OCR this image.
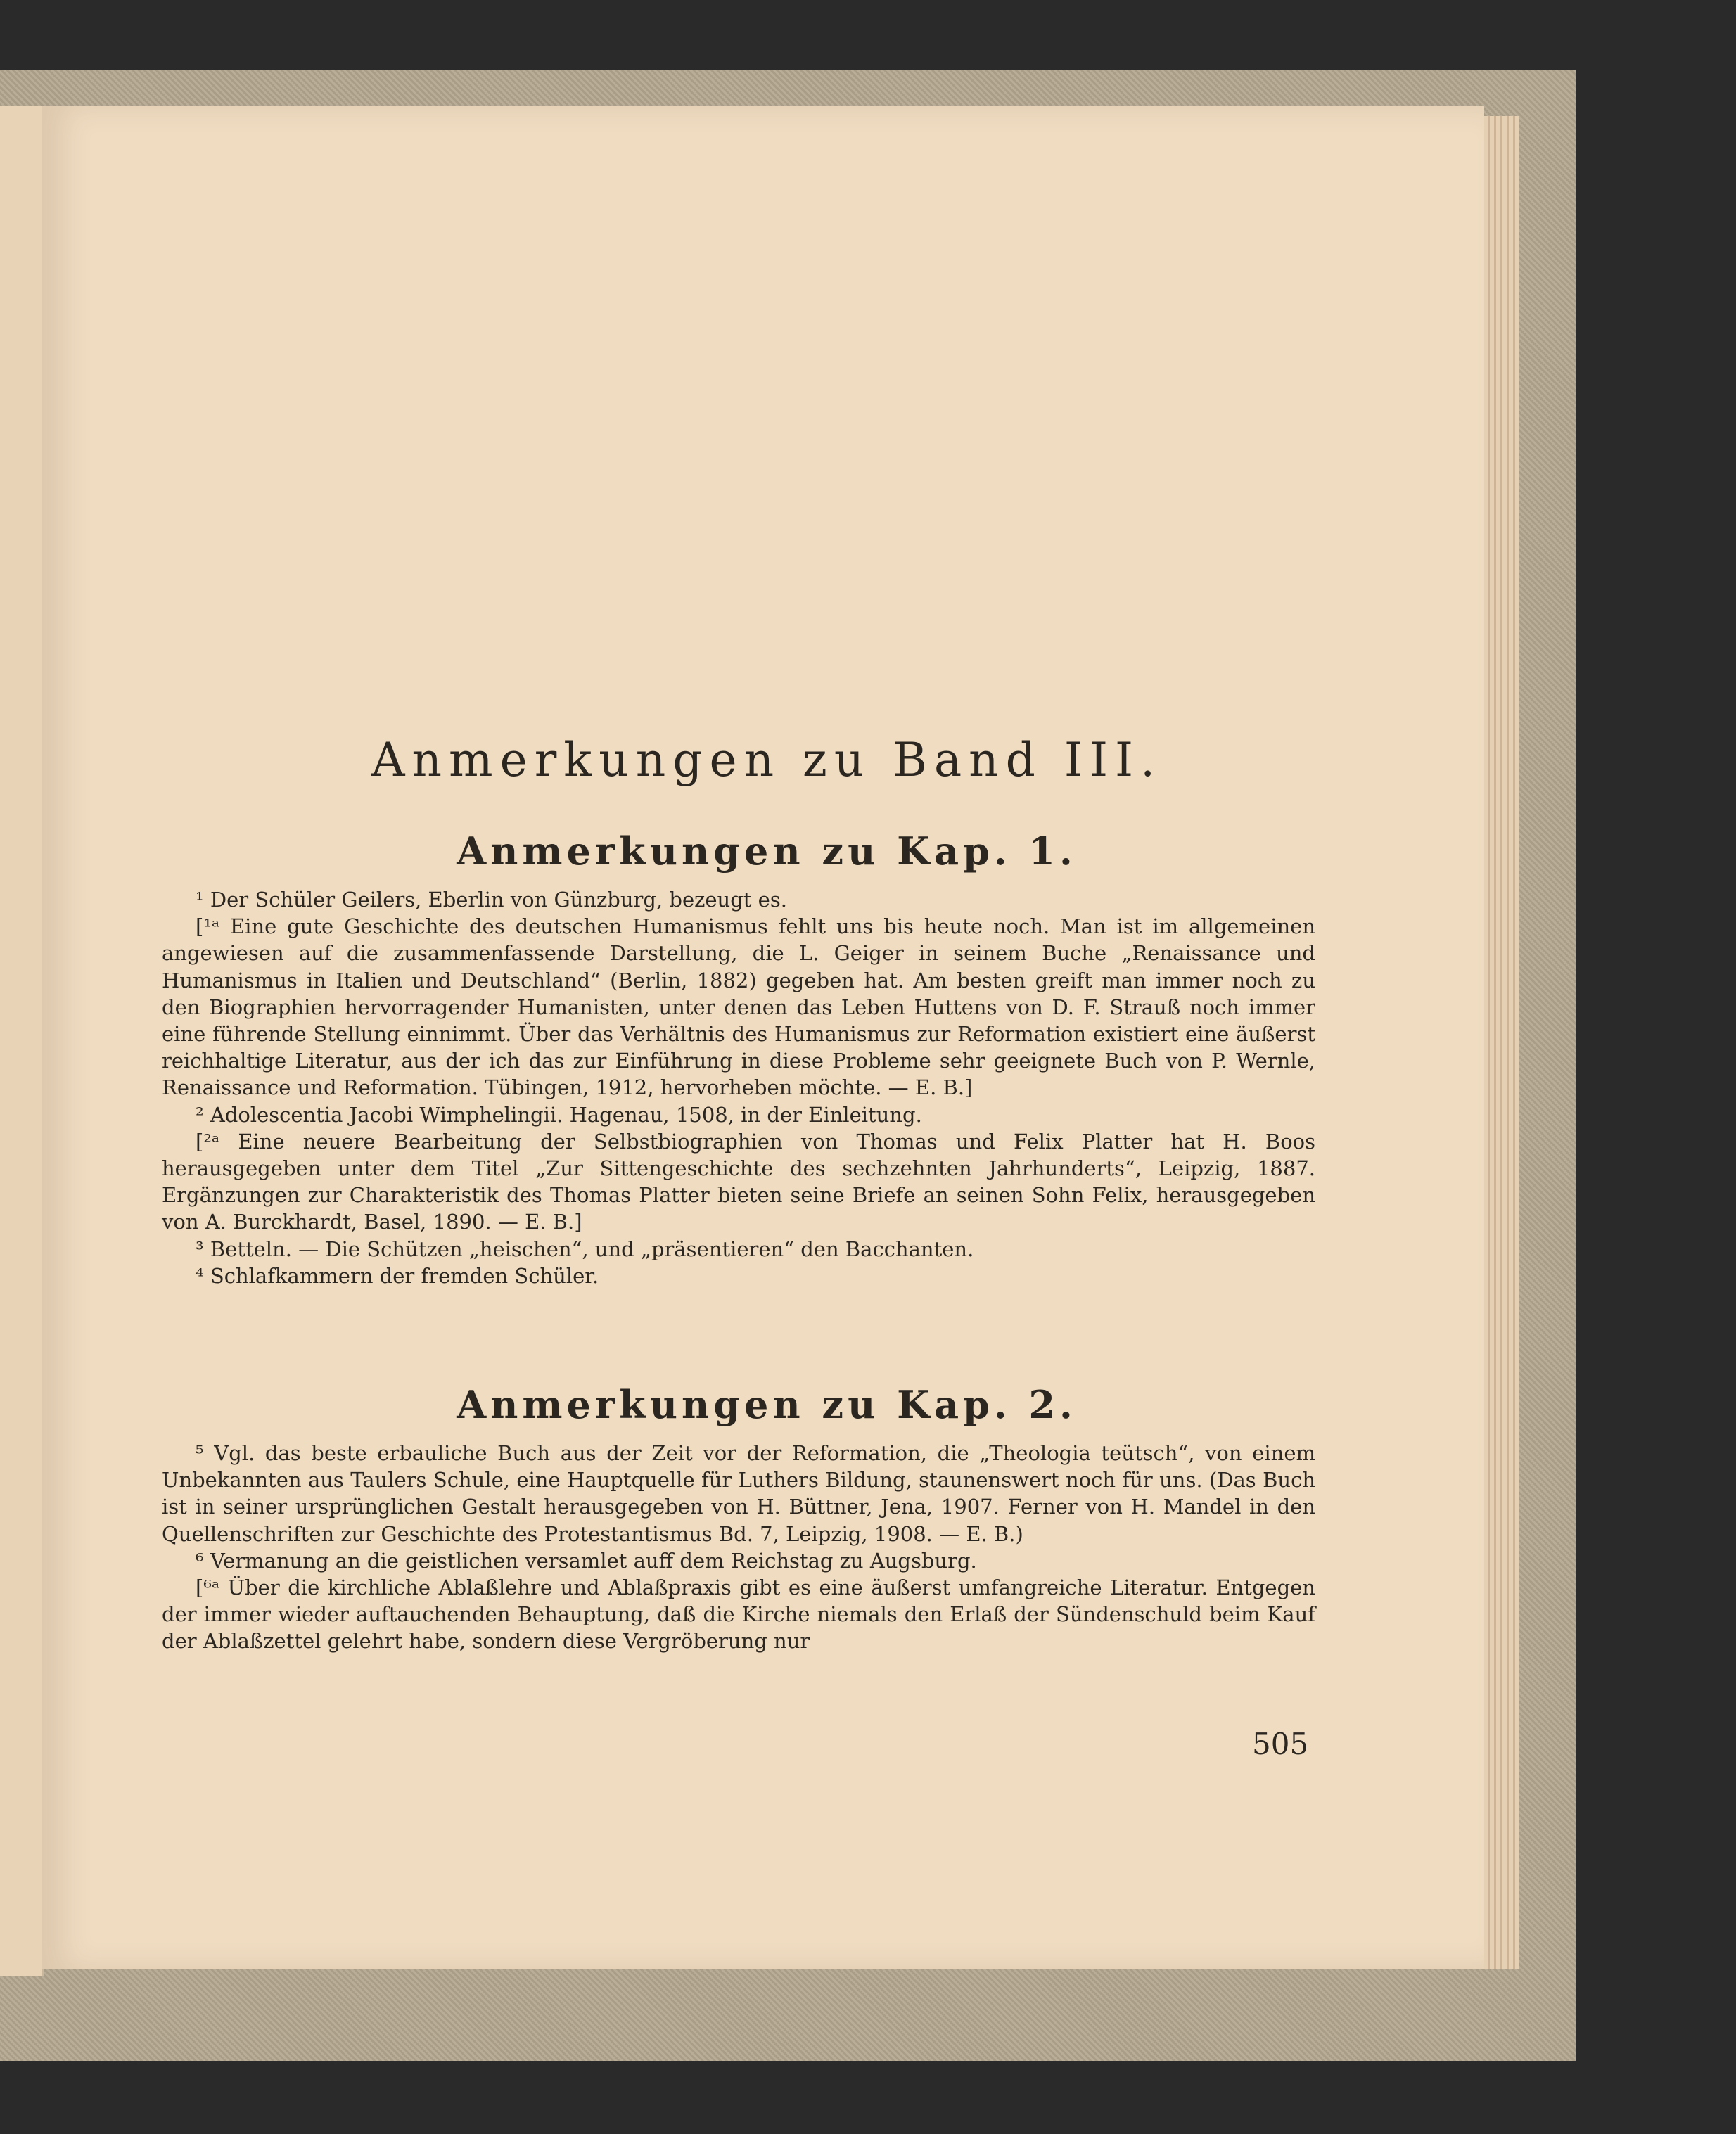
Anmerkungen zu Band III.
Anmerkungen zu Kap. 1.

¹ Der Schüler Geilers, Eberlin von Günzburg, bezeugt es.

[¹ᵃ Eine gute Geschichte des deutschen Humanismus fehlt uns bis heute noch. Man ist im allgemeinen angewiesen auf die zusammenfassende Darstellung, die L. Geiger in seinem Buche „Renaissance und Humanismus in Italien und Deutschland“ (Berlin, 1882) gegeben hat. Am besten greift man immer noch zu den Biographien hervorragender Humanisten, unter denen das Leben Huttens von D. F. Strauß noch immer eine führende Stellung einnimmt. Über das Verhältnis des Humanismus zur Reformation existiert eine äußerst reichhaltige Literatur, aus der ich das zur Einführung in diese Probleme sehr geeignete Buch von P. Wernle, Renaissance und Reformation. Tübingen, 1912, hervorheben möchte. — E. B.]

² Adolescentia Jacobi Wimphelingii. Hagenau, 1508, in der Einleitung.

[²ᵃ Eine neuere Bearbeitung der Selbstbiographien von Thomas und Felix Platter hat H. Boos herausgegeben unter dem Titel „Zur Sittengeschichte des sechzehnten Jahrhunderts“, Leipzig, 1887. Ergänzungen zur Charakteristik des Thomas Platter bieten seine Briefe an seinen Sohn Felix, herausgegeben von A. Burckhardt, Basel, 1890. — E. B.]

³ Betteln. — Die Schützen „heischen“, und „präsentieren“ den Bacchanten.

⁴ Schlafkammern der fremden Schüler.

Anmerkungen zu Kap. 2.

⁵ Vgl. das beste erbauliche Buch aus der Zeit vor der Reformation, die „Theologia teütsch“, von einem Unbekannten aus Taulers Schule, eine Hauptquelle für Luthers Bildung, staunenswert noch für uns. (Das Buch ist in seiner ursprünglichen Gestalt herausgegeben von H. Büttner, Jena, 1907. Ferner von H. Mandel in den Quellenschriften zur Geschichte des Protestantismus Bd. 7, Leipzig, 1908. — E. B.)

⁶ Vermanung an die geistlichen versamlet auff dem Reichstag zu Augsburg.

[⁶ᵃ Über die kirchliche Ablaßlehre und Ablaßpraxis gibt es eine äußerst umfangreiche Literatur. Entgegen der immer wieder auftauchenden Behauptung, daß die Kirche niemals den Erlaß der Sündenschuld beim Kauf der Ablaßzettel gelehrt habe, sondern diese Vergröberung nur

505
